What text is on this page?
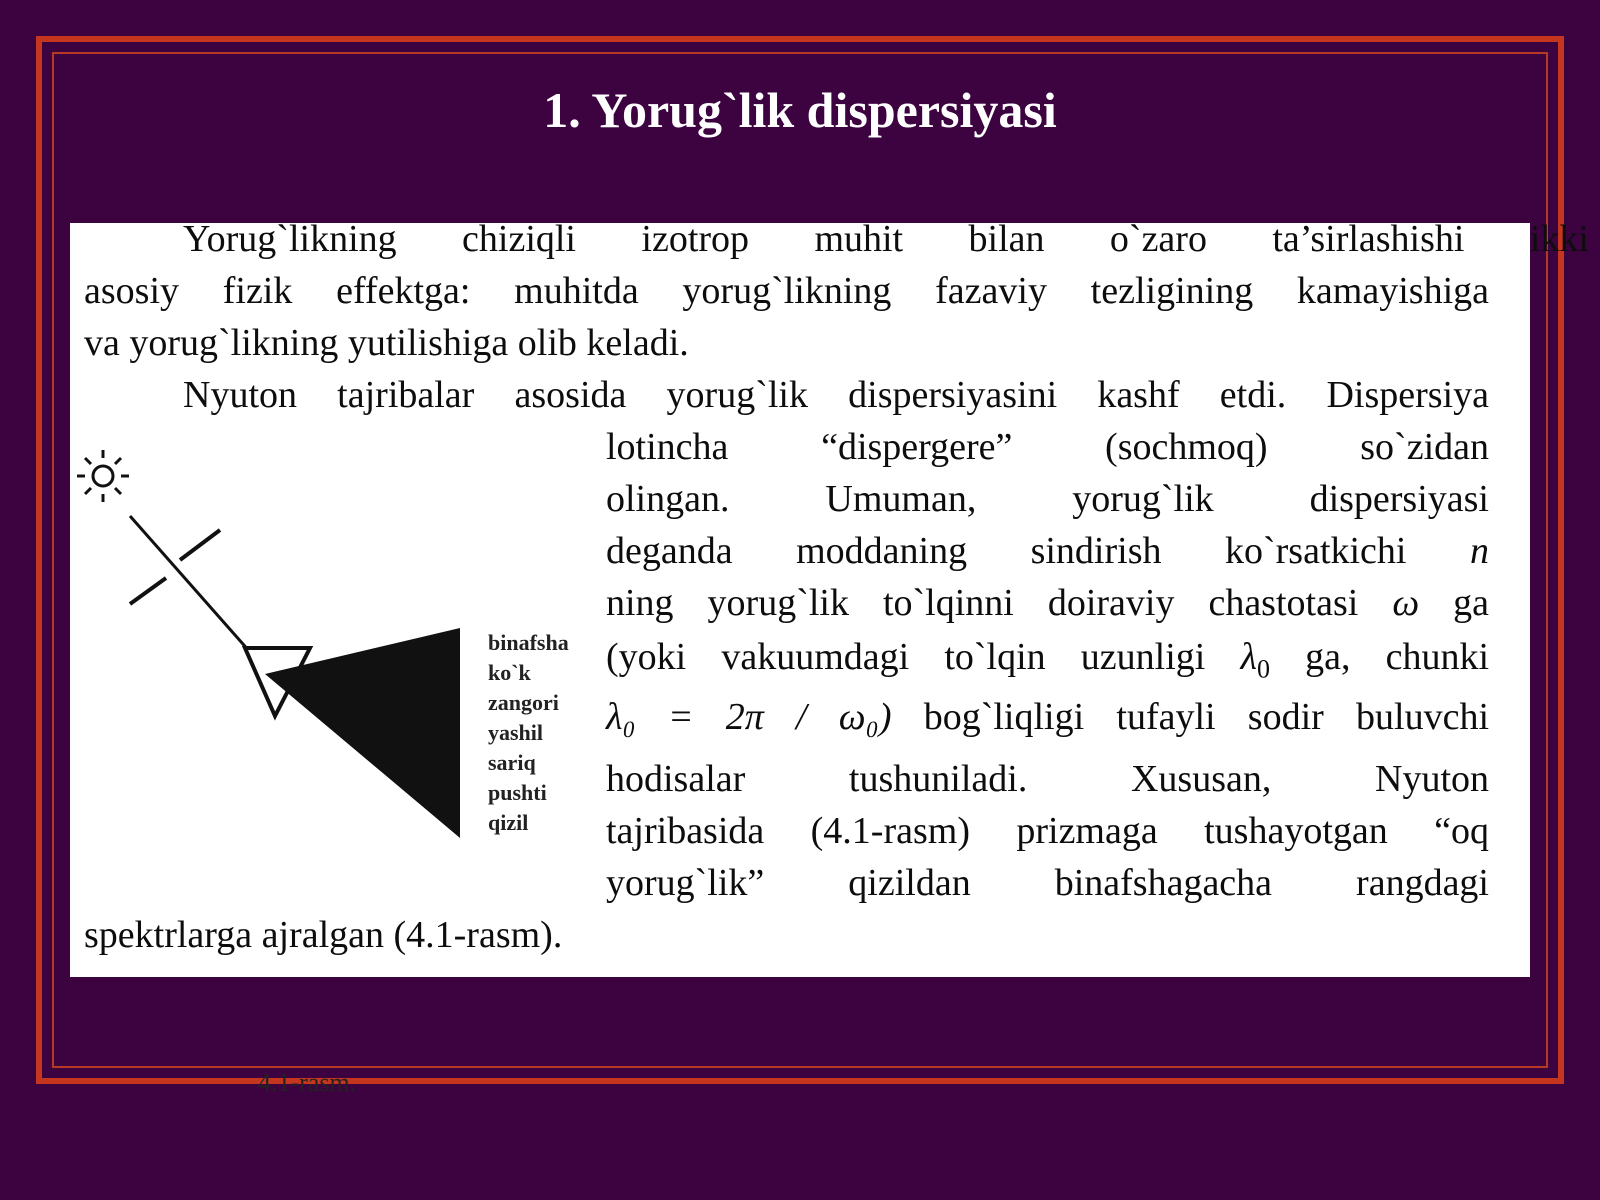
1. Yorug`lik dispersiyasi
Yorug`likning chiziqli izotrop muhit bilan o`zaro ta’sirlashishi ikki
asosiy fizik effektga: muhitda yorug`likning fazaviy tezligining kamayishiga
va yorug`likning yutilishiga olib keladi.
Nyuton tajribalar asosida yorug`lik dispersiyasini kashf etdi. Dispersiya
lotincha “dispergere” (sochmoq) so`zidan
olingan. Umuman, yorug`lik dispersiyasi
deganda moddaning sindirish ko`rsatkichi n
ning yorug`lik to`lqinni doiraviy chastotasi ω ga
(yoki vakuumdagi to`lqin uzunligi $\lambda_0$ ga, chunki
λ₀ = 2π / ω₀) bog`liqligi tufayli sodir buluvchi
hodisalar tushuniladi. Xususan, Nyuton
tajribasida (4.1-rasm) prizmaga tushayotgan “oq
yorug`lik” qizildan binafshagacha rangdagi
spektrlarga ajralgan (4.1-rasm).
4.1-rasm.
binafsha
ko`k
zangori
yashil
sariq
pushti
qizil
